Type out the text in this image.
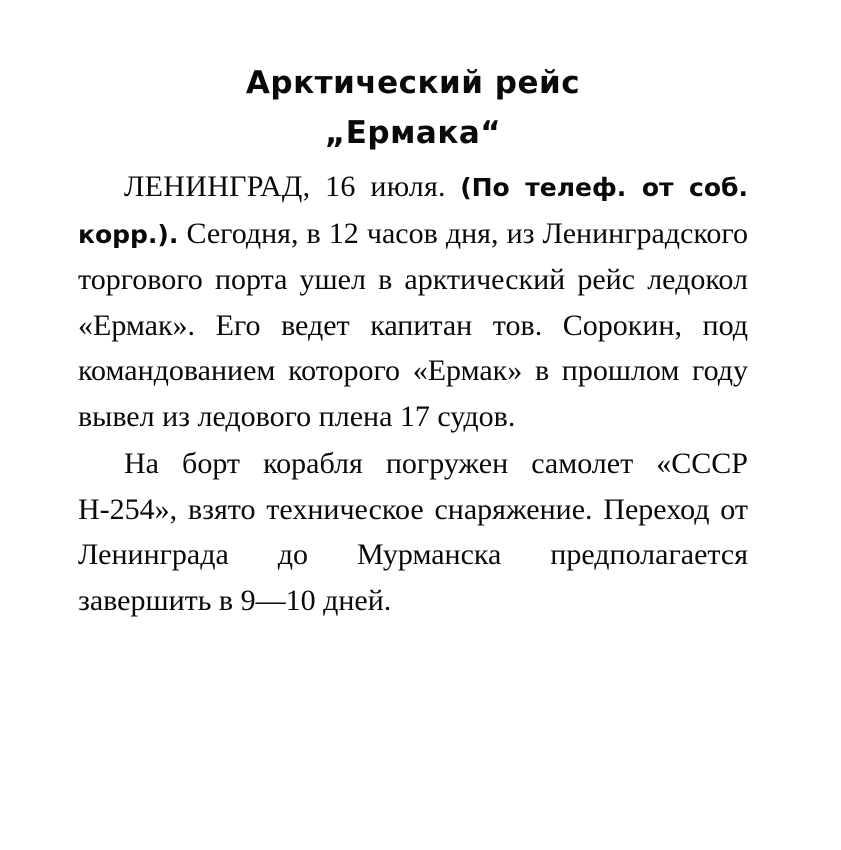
Арктический рейс
„Ермака“

ЛЕНИНГРАД, 16 июля. (По телеф. от соб. корр.). Сегодня, в 12 часов дня, из Ленинградского торгового порта ушел в арктический рейс ледокол «Ермак». Его ведет капитан тов. Сорокин, под командованием которого «Ермак» в прошлом году вывел из ледового плена 17 судов.

На борт корабля погружен самолет «СССР Н-254», взято техническое снаряжение. Переход от Ленинграда до Мурманска предполагается завершить в 9—10 дней.
